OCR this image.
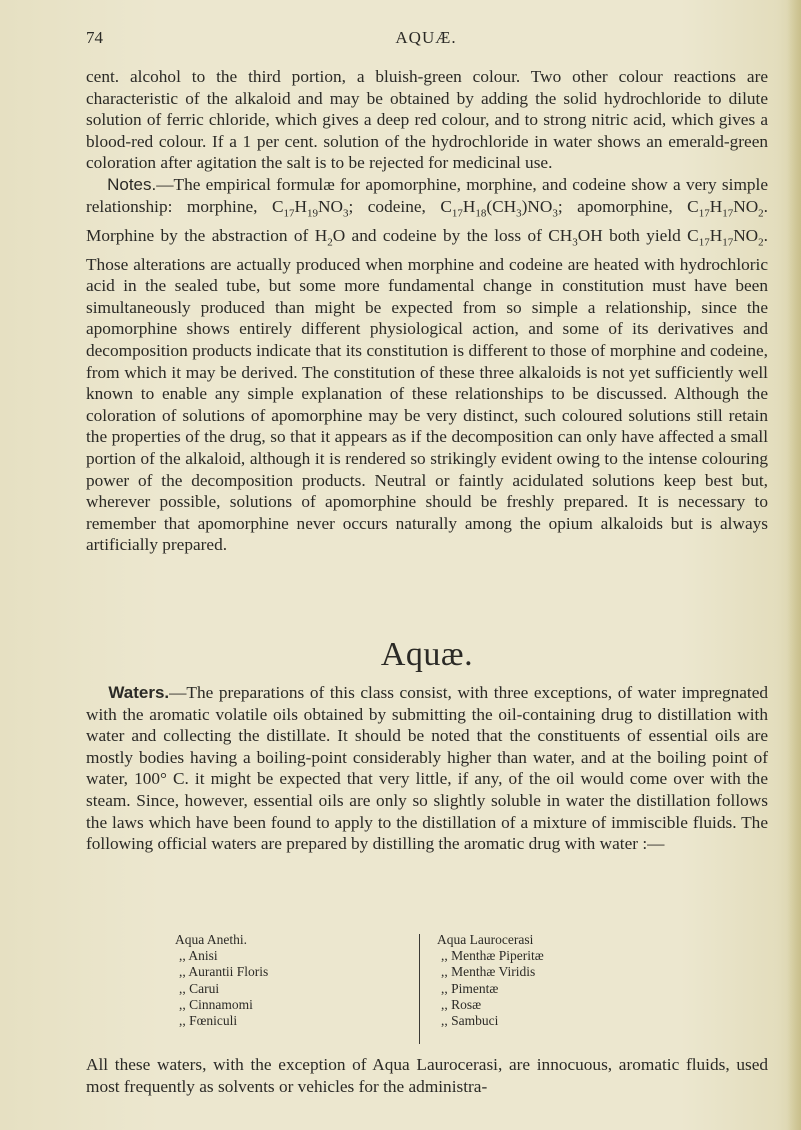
74	AQUÆ.

cent. alcohol to the third portion, a bluish-green colour. Two other colour reactions are characteristic of the alkaloid and may be obtained by adding the solid hydrochloride to dilute solution of ferric chloride, which gives a deep red colour, and to strong nitric acid, which gives a blood-red colour. If a 1 per cent. solution of the hydrochloride in water shows an emerald-green coloration after agitation the salt is to be rejected for medicinal use.

Notes.—The empirical formulæ for apomorphine, morphine, and codeine show a very simple relationship: morphine, $C_{17}H_{19}NO_3$; codeine, $C_{17}H_{18}(CH_3)NO_3$; apomorphine, $C_{17}H_{17}NO_2$. Morphine by the abstraction of $H_2O$ and codeine by the loss of $CH_3OH$ both yield $C_{17}H_{17}NO_2$. Those alterations are actually produced when morphine and codeine are heated with hydrochloric acid in the sealed tube, but some more fundamental change in constitution must have been simultaneously produced than might be expected from so simple a relationship, since the apomorphine shows entirely different physiological action, and some of its derivatives and decomposition products indicate that its constitution is different to those of morphine and codeine, from which it may be derived. The constitution of these three alkaloids is not yet sufficiently well known to enable any simple explanation of these relationships to be discussed. Although the coloration of solutions of apomorphine may be very distinct, such coloured solutions still retain the properties of the drug, so that it appears as if the decomposition can only have affected a small portion of the alkaloid, although it is rendered so strikingly evident owing to the intense colouring power of the decomposition products. Neutral or faintly acidulated solutions keep best but, wherever possible, solutions of apomorphine should be freshly prepared. It is necessary to remember that apomorphine never occurs naturally among the opium alkaloids but is always artificially prepared.

Aquæ.

Waters.—The preparations of this class consist, with three exceptions, of water impregnated with the aromatic volatile oils obtained by submitting the oil-containing drug to distillation with water and collecting the distillate. It should be noted that the constituents of essential oils are mostly bodies having a boiling-point considerably higher than water, and at the boiling point of water, 100° C. it might be expected that very little, if any, of the oil would come over with the steam. Since, however, essential oils are only so slightly soluble in water the distillation follows the laws which have been found to apply to the distillation of a mixture of immiscible fluids. The following official waters are prepared by distilling the aromatic drug with water :—

Aqua Anethi.
,, Anisi
,, Aurantii Floris
,, Carui
,, Cinnamomi
,, Fœniculi
Aqua Laurocerasi
,, Menthæ Piperitæ
,, Menthæ Viridis
,, Pimentæ
,, Rosæ
,, Sambuci

All these waters, with the exception of Aqua Laurocerasi, are innocuous, aromatic fluids, used most frequently as solvents or vehicles for the administra-
